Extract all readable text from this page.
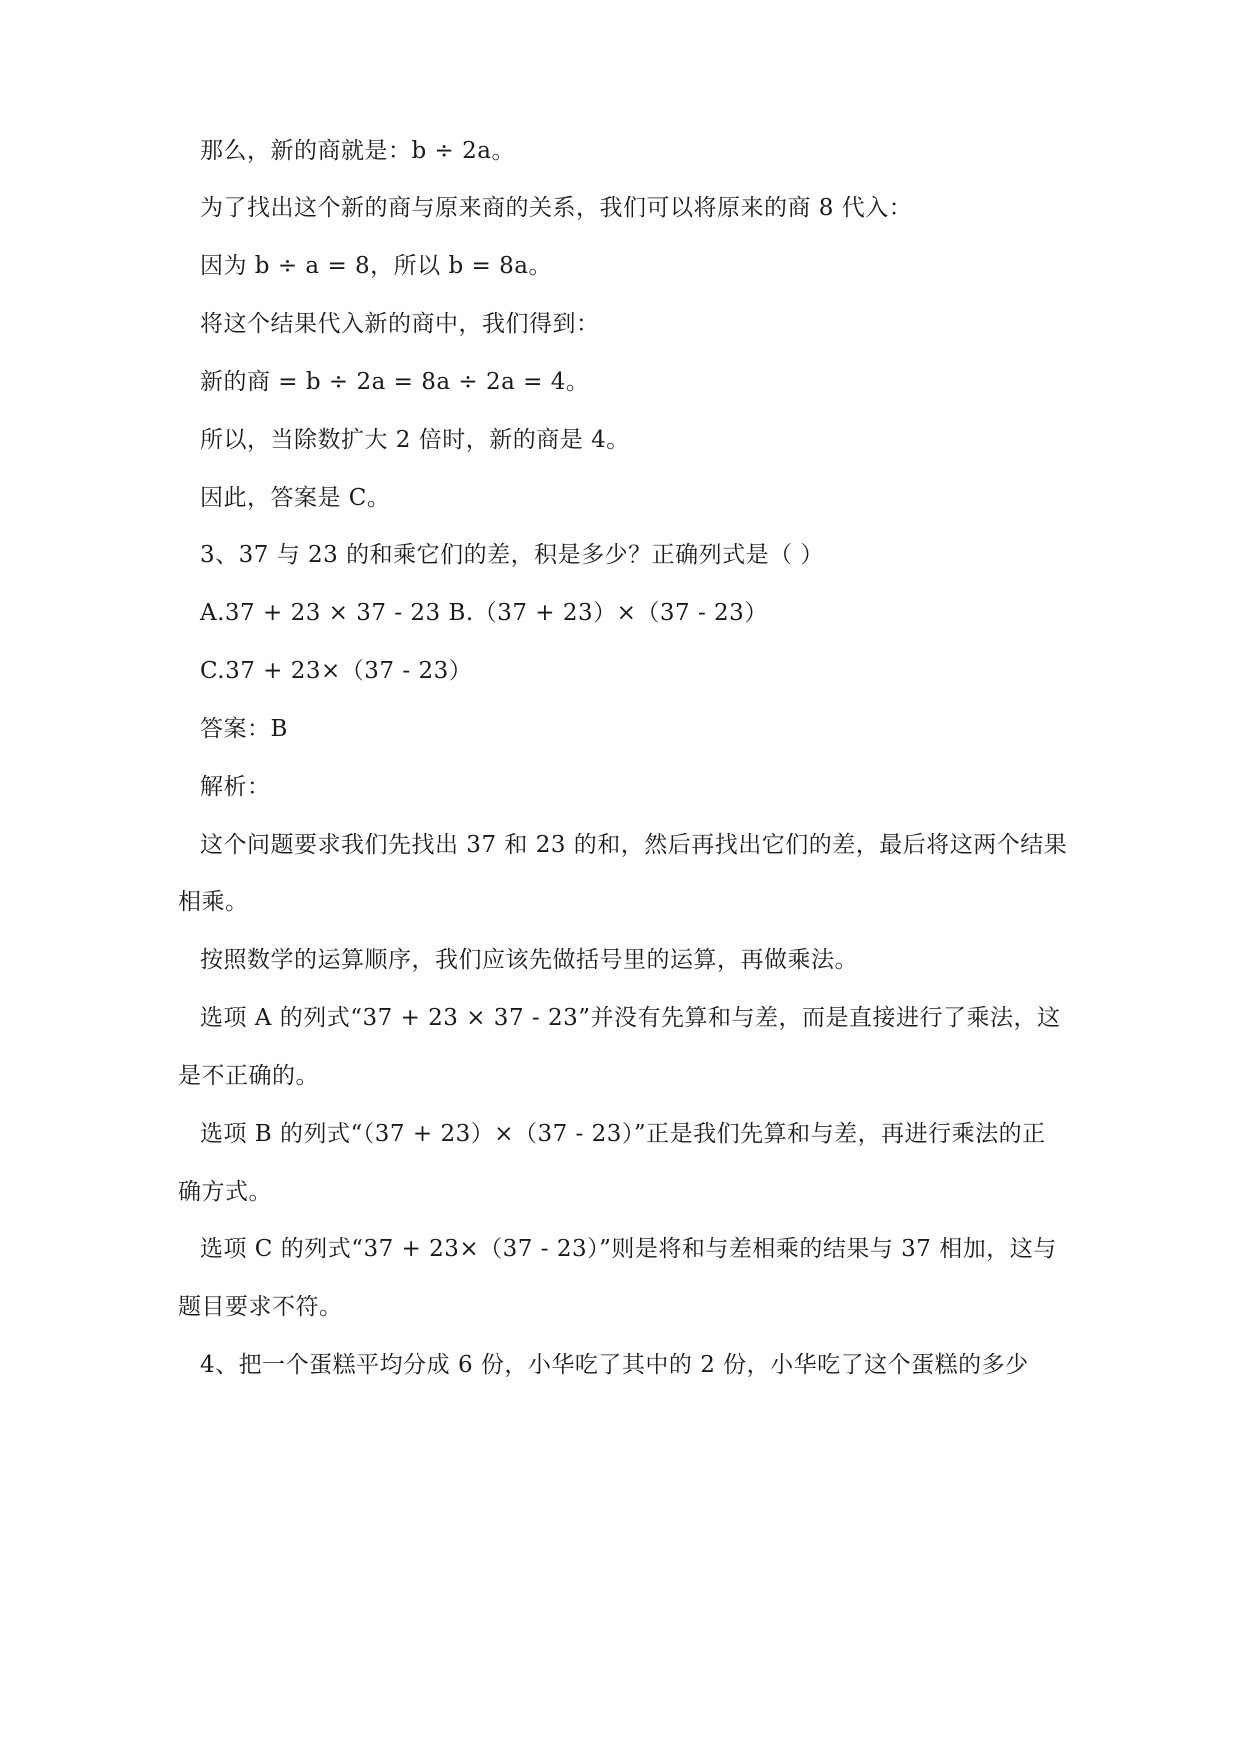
那么，新的商就是：b ÷ 2a。
为了找出这个新的商与原来商的关系，我们可以将原来的商 8 代入：
因为 b ÷ a = 8，所以 b = 8a。
将这个结果代入新的商中，我们得到：
新的商 = b ÷ 2a = 8a ÷ 2a = 4。
所以，当除数扩大 2 倍时，新的商是 4。
因此，答案是 C。
3、37 与 23 的和乘它们的差，积是多少？正确列式是（ ）
A.37 + 23 × 37 - 23 B.（37 + 23）×（37 - 23）
C.37 + 23×（37 - 23）
答案：B
解析：
这个问题要求我们先找出 37 和 23 的和，然后再找出它们的差，最后将这两个结果
相乘。
按照数学的运算顺序，我们应该先做括号里的运算，再做乘法。
选项 A 的列式“37 + 23 × 37 - 23”并没有先算和与差，而是直接进行了乘法，这
是不正确的。
选项 B 的列式“（37 + 23）×（37 - 23）”正是我们先算和与差，再进行乘法的正
确方式。
选项 C 的列式“37 + 23×（37 - 23）”则是将和与差相乘的结果与 37 相加，这与
题目要求不符。
4、把一个蛋糕平均分成 6 份，小华吃了其中的 2 份，小华吃了这个蛋糕的多少
